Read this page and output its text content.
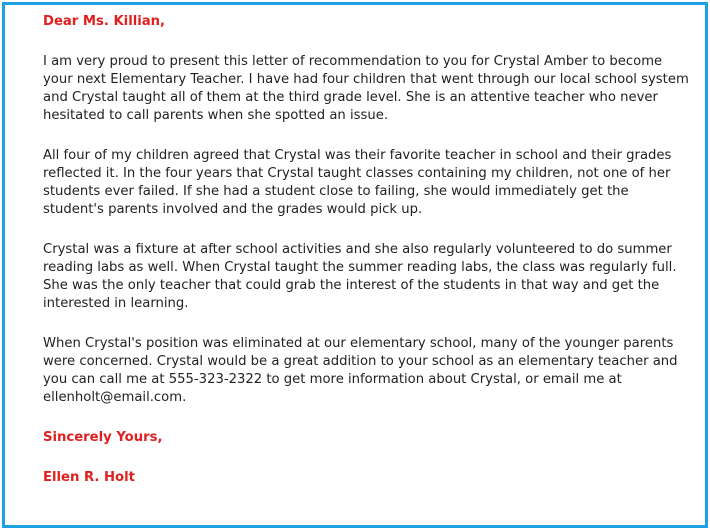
Dear Ms. Killian,

I am very proud to present this letter of recommendation to you for Crystal Amber to become your next Elementary Teacher. I have had four children that went through our local school system and Crystal taught all of them at the third grade level. She is an attentive teacher who never hesitated to call parents when she spotted an issue.

All four of my children agreed that Crystal was their favorite teacher in school and their grades reflected it. In the four years that Crystal taught classes containing my children, not one of her students ever failed. If she had a student close to failing, she would immediately get the student's parents involved and the grades would pick up.

Crystal was a fixture at after school activities and she also regularly volunteered to do summer reading labs as well. When Crystal taught the summer reading labs, the class was regularly full. She was the only teacher that could grab the interest of the students in that way and get the interested in learning.

When Crystal's position was eliminated at our elementary school, many of the younger parents were concerned. Crystal would be a great addition to your school as an elementary teacher and you can call me at 555-323-2322 to get more information about Crystal, or email me at ellenholt@email.com.

Sincerely Yours,

Ellen R. Holt
